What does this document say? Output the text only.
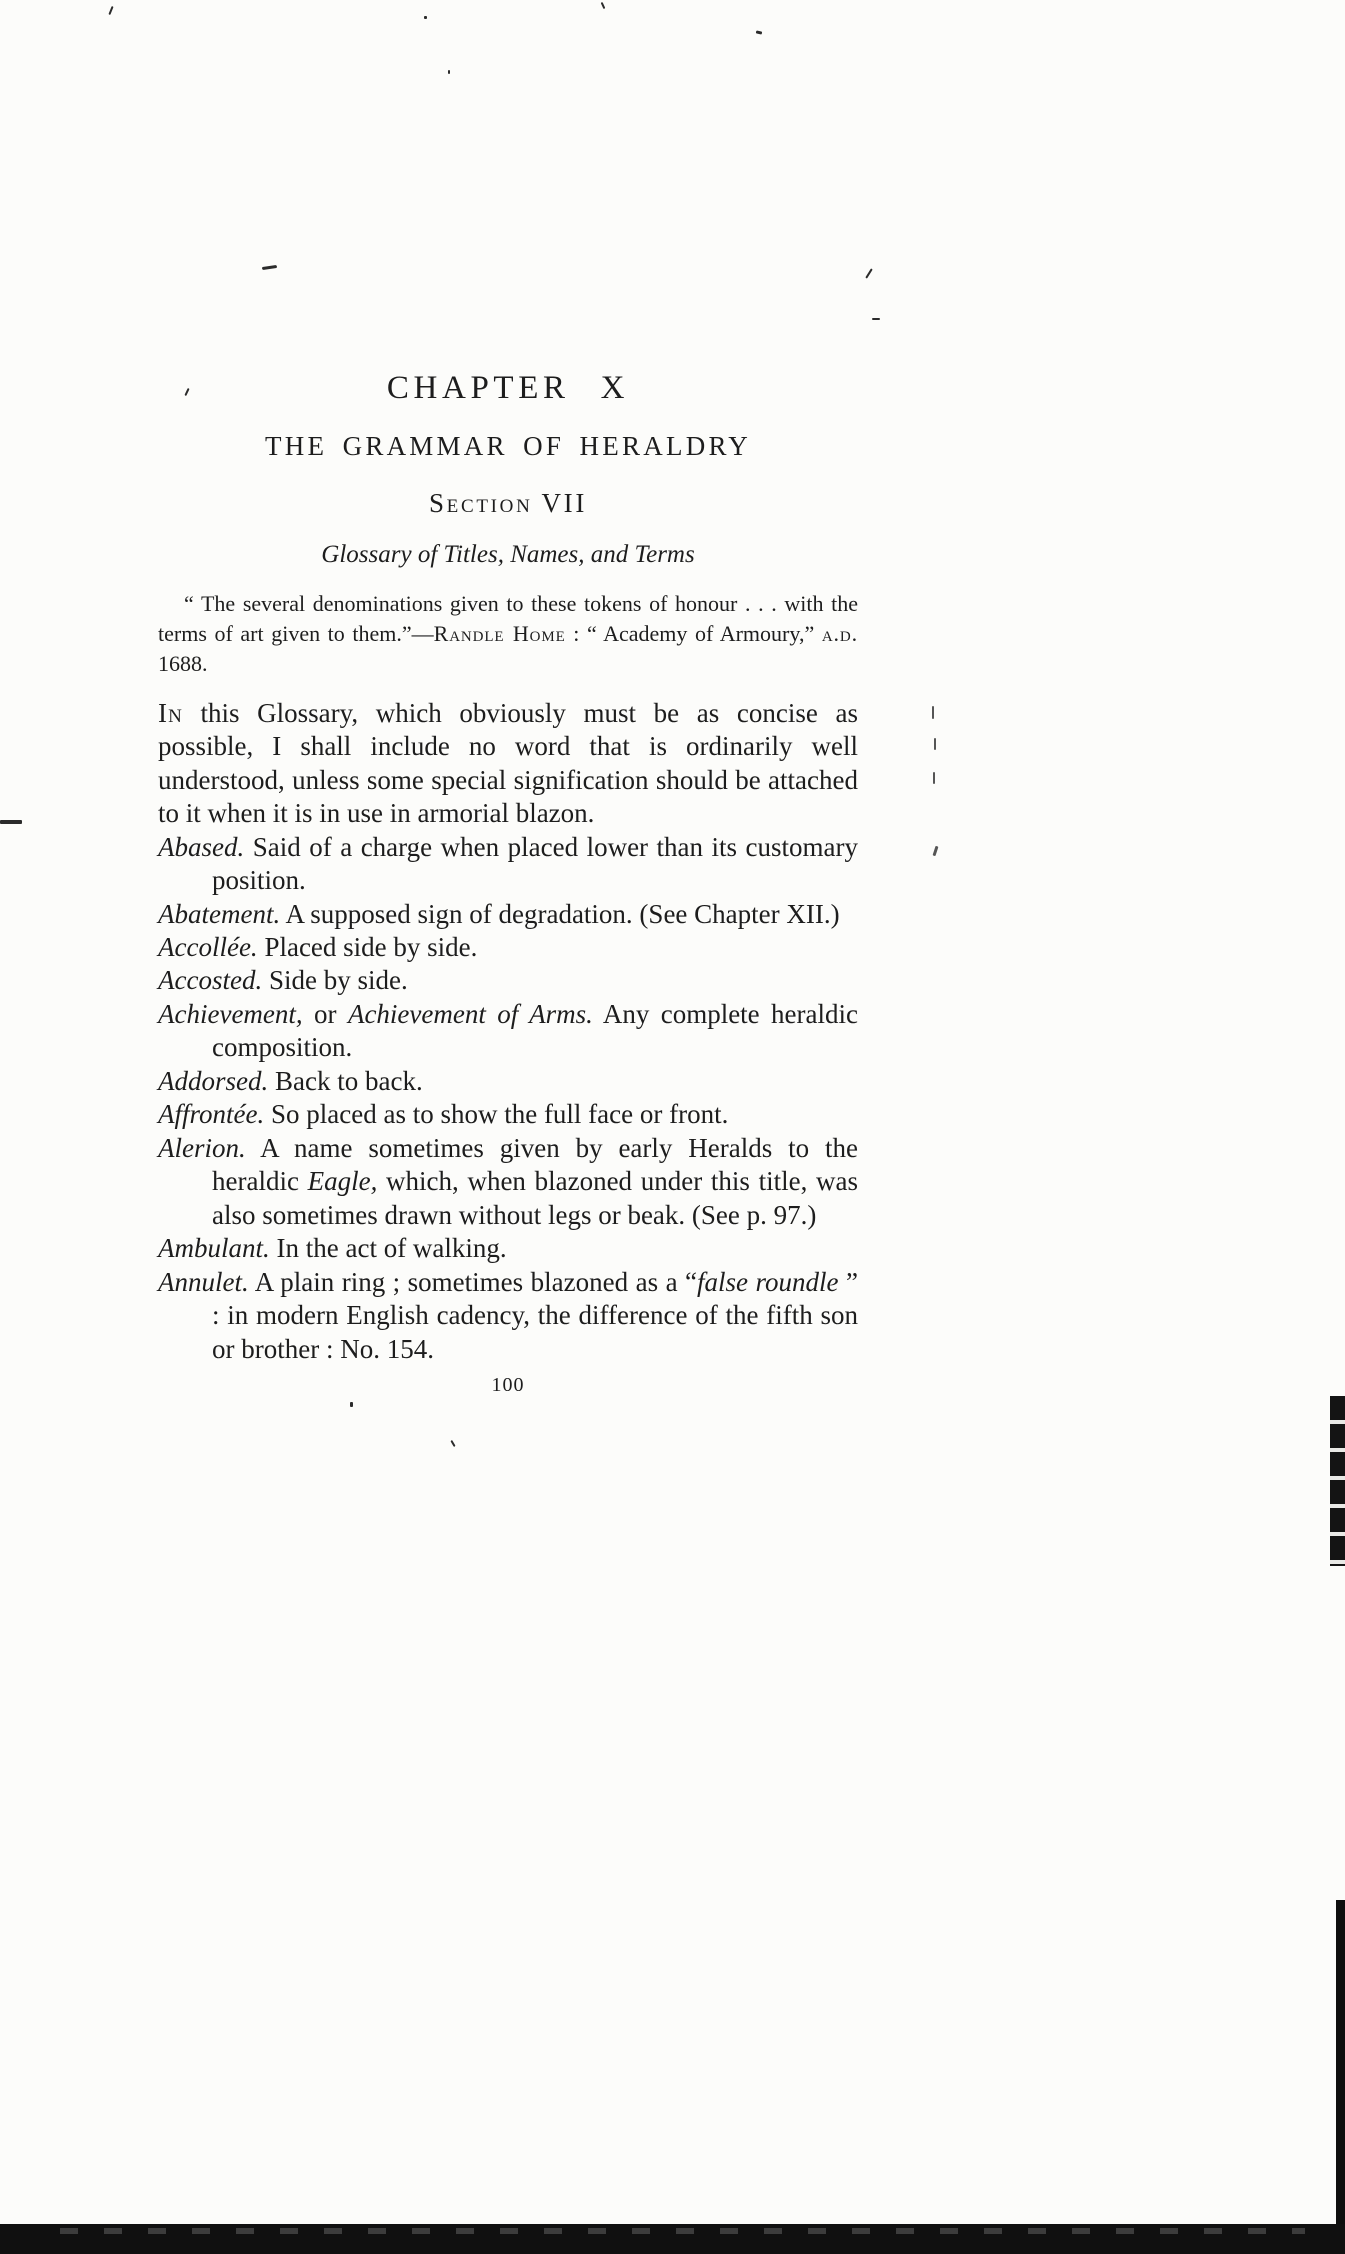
CHAPTER X
THE GRAMMAR OF HERALDRY
Section VII
Glossary of Titles, Names, and Terms

“ The several denominations given to these tokens of honour . . . with the terms of art given to them.”—Randle Home : “ Academy of Armoury,” a.d. 1688.

In this Glossary, which obviously must be as concise as possible, I shall include no word that is ordinarily well understood, unless some special signification should be attached to it when it is in use in armorial blazon.

Abased. Said of a charge when placed lower than its customary position.

Abatement. A supposed sign of degradation. (See Chapter XII.)

Accollée. Placed side by side.

Accosted. Side by side.

Achievement, or Achievement of Arms. Any complete heraldic composition.

Addorsed. Back to back.

Affrontée. So placed as to show the full face or front.

Alerion. A name sometimes given by early Heralds to the heraldic Eagle, which, when blazoned under this title, was also sometimes drawn without legs or beak. (See p. 97.)

Ambulant. In the act of walking.

Annulet. A plain ring ; sometimes blazoned as a “false roundle ” : in modern English cadency, the difference of the fifth son or brother : No. 154.

100
